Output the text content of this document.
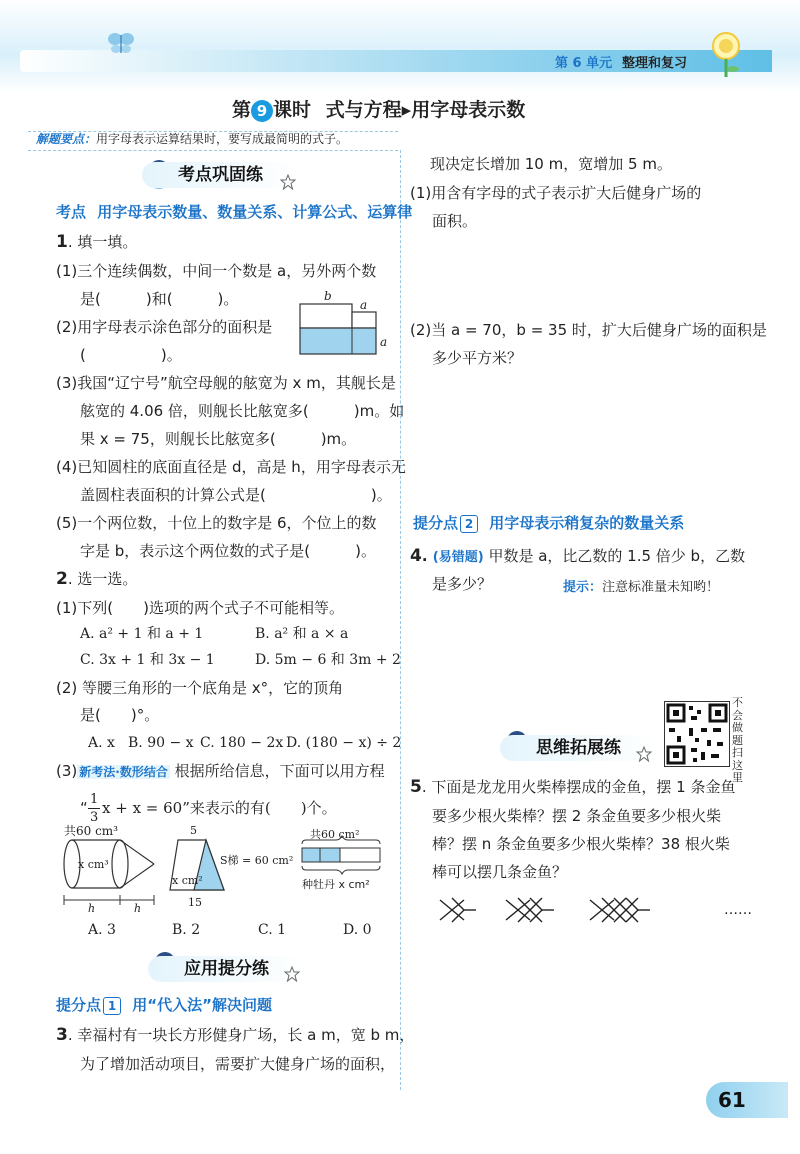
第 6 单元 整理和复习
第 9 课时 式与方程▸用字母表示数
解题要点：用字母表示运算结果时，要写成最简明的式子。
考点巩固练
考点 用字母表示数量、数量关系、计算公式、运算律
1. 填一填。
(1)三个连续偶数，中间一个数是 a，另外两个数
是(　　　)和(　　　)。
(2)用字母表示涂色部分的面积是
(　　　　　)。
b
a
a
(3)我国“辽宁号”航空母舰的舷宽为 x m，其舰长是
舷宽的 4.06 倍，则舰长比舷宽多(　　　)m。如
果 x = 75，则舰长比舷宽多(　　　)m。
(4)已知圆柱的底面直径是 d，高是 h，用字母表示无
盖圆柱表面积的计算公式是(　　　　　　　)。
(5)一个两位数，十位上的数字是 6，个位上的数
字是 b，表示这个两位数的式子是(　　　)。
2. 选一选。
(1)下列(　　)选项的两个式子不可能相等。
A. a² + 1 和 a + 1	B. a² 和 a × a
C. 3x + 1 和 3x − 1	D. 5m − 6 和 3m + 2
(2) 等腰三角形的一个底角是 x°，它的顶角
是(　　)°。
A. x B. 90 − x C. 180 − 2x D. (180 − x) ÷ 2
(3) 新考法·数形结合 根据所给信息，下面可以用方程
“ 1
3
x + x = 60”来表示的有(　　)个。
共60 cm³
x cm³
h	h
5
x cm²
15
S梯 = 60 cm²
共60 cm²
种牡丹 x cm²
A. 3	B. 2	C. 1	D. 0
应用提分练
提分点 1 用“代入法”解决问题
3. 幸福村有一块长方形健身广场，长 a m，宽 b m，
为了增加活动项目，需要扩大健身广场的面积，
现决定长增加 10 m，宽增加 5 m。
(1)用含有字母的式子表示扩大后健身广场的
面积。
(2)当 a = 70，b = 35 时，扩大后健身广场的面积是
多少平方米？
提分点 2 用字母表示稍复杂的数量关系
4. (易错题) 甲数是 a，比乙数的 1.5 倍少 b，乙数
是多少？	提示：注意标准量未知哟！
不会做题扫这里
思维拓展练
5. 下面是龙龙用火柴棒摆成的金鱼，摆 1 条金鱼
要多少根火柴棒？摆 2 条金鱼要多少根火柴
棒？摆 n 条金鱼要多少根火柴棒？38 根火柴
棒可以摆几条金鱼？
……
61
